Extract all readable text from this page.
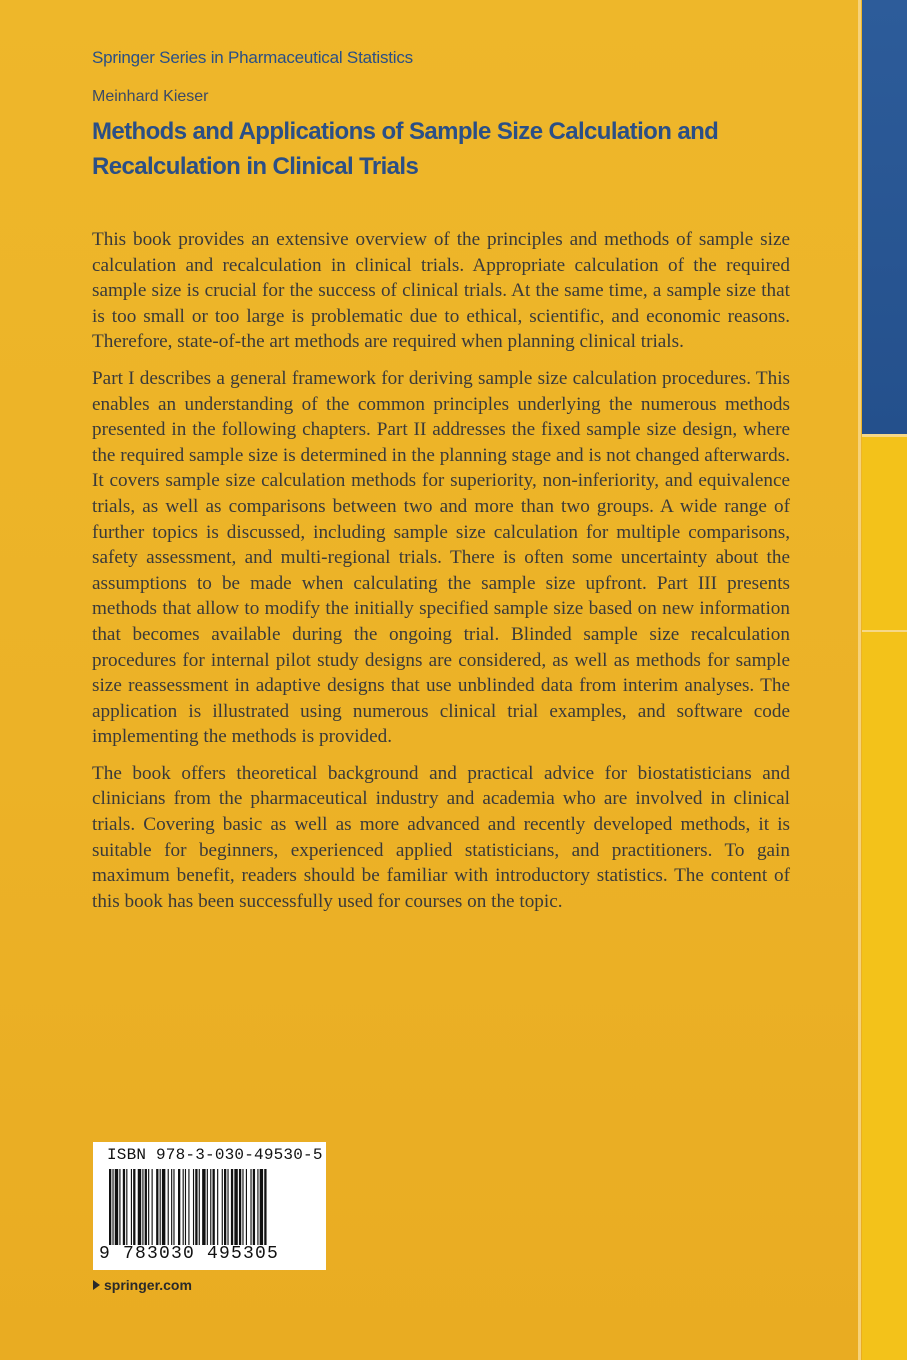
Springer Series in Pharmaceutical Statistics
Meinhard Kieser
Methods and Applications of Sample Size Calculation and
Recalculation in Clinical Trials

This book provides an extensive overview of the principles and methods of sample size calculation and recalculation in clinical trials. Appropriate calculation of the required sample size is crucial for the success of clinical trials. At the same time, a sample size that is too small or too large is problematic due to ethical, scientific, and economic reasons. Therefore, state-of-the art methods are required when planning clinical trials.

Part I describes a general framework for deriving sample size calculation procedures. This enables an understanding of the common principles underlying the numerous methods presented in the following chapters. Part II addresses the fixed sample size design, where the required sample size is determined in the planning stage and is not changed afterwards. It covers sample size calculation methods for superiority, non-inferiority, and equivalence trials, as well as comparisons between two and more than two groups. A wide range of further topics is discussed, including sample size calculation for multiple comparisons, safety assessment, and multi-regional trials. There is often some uncertainty about the assumptions to be made when calculating the sample size upfront. Part III presents methods that allow to modify the initially specified sample size based on new information that becomes available during the ongoing trial. Blinded sample size recalculation procedures for internal pilot study designs are considered, as well as methods for sample size reassessment in adaptive designs that use unblinded data from interim analyses. The application is illustrated using numerous clinical trial examples, and software code implementing the methods is provided.

The book offers theoretical background and practical advice for biostatisticians and clinicians from the pharmaceutical industry and academia who are involved in clinical trials. Covering basic as well as more advanced and recently developed methods, it is suitable for beginners, experienced applied statisticians, and practitioners. To gain maximum benefit, readers should be familiar with introductory statistics. The content of this book has been successfully used for courses on the topic.

ISBN 978-3-030-49530-5
9 783030 495305
springer.com
